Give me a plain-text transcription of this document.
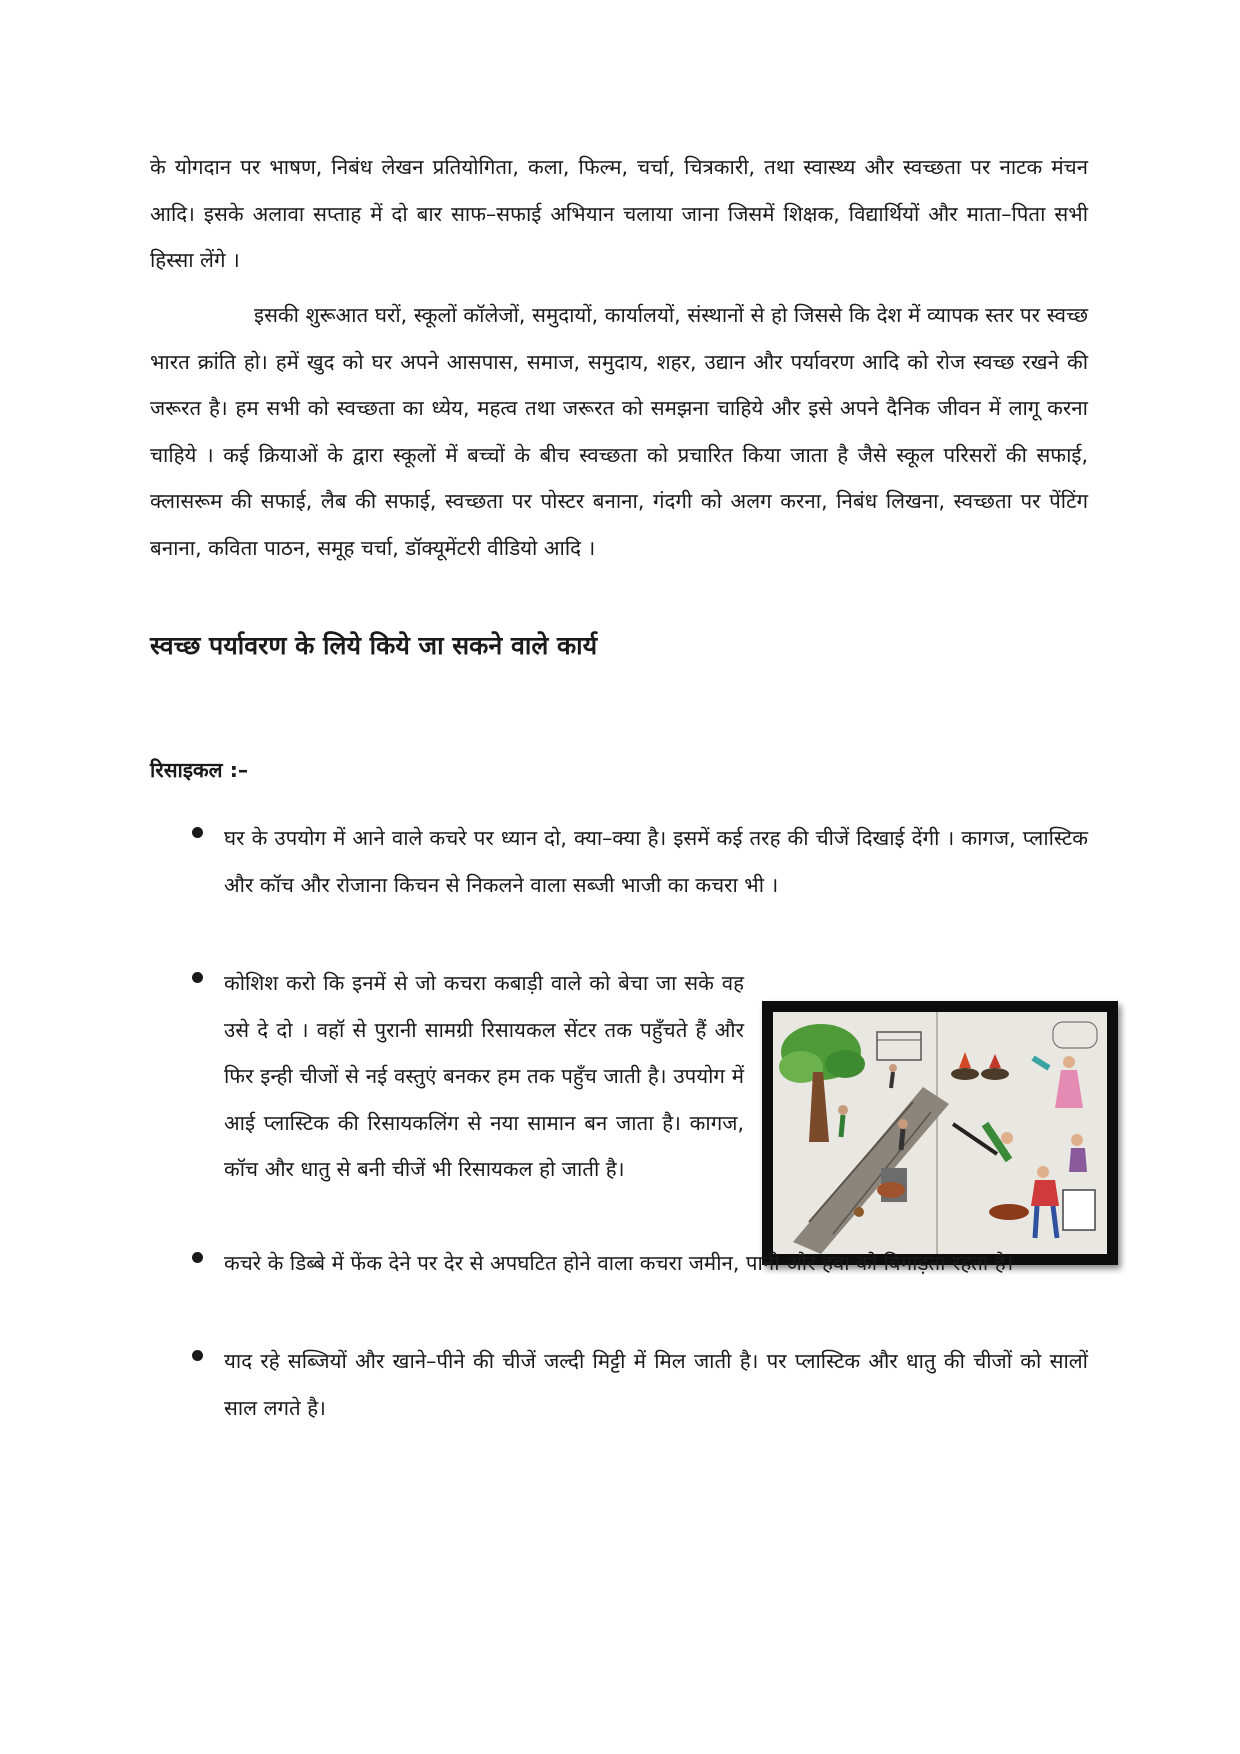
के योगदान पर भाषण, निबंध लेखन प्रतियोगिता, कला, फिल्म, चर्चा, चित्रकारी, तथा स्वास्थ्य और स्वच्छता पर नाटक मंचन आदि। इसके अलावा सप्ताह में दो बार साफ–सफाई अभियान चलाया जाना जिसमें शिक्षक, विद्यार्थियों और माता–पिता सभी हिस्सा लेंगे ।

इसकी शुरूआत घरों, स्कूलों कॉलेजों, समुदायों, कार्यालयों, संस्थानों से हो जिससे कि देश में व्यापक स्तर पर स्वच्छ भारत क्रांति हो। हमें खुद को घर अपने आसपास, समाज, समुदाय, शहर, उद्यान और पर्यावरण आदि को रोज स्वच्छ रखने की जरूरत है। हम सभी को स्वच्छता का ध्येय, महत्व तथा जरूरत को समझना चाहिये और इसे अपने दैनिक जीवन में लागू करना चाहिये । कई क्रियाओं के द्वारा स्कूलों में बच्चों के बीच स्वच्छता को प्रचारित किया जाता है जैसे स्कूल परिसरों की सफाई, क्लासरूम की सफाई, लैब की सफाई, स्वच्छता पर पोस्टर बनाना, गंदगी को अलग करना, निबंध लिखना, स्वच्छता पर पेंटिंग बनाना, कविता पाठन, समूह चर्चा, डॉक्यूमेंटरी वीडियो आदि ।

स्वच्छ पर्यावरण के लिये किये जा सकने वाले कार्य
रिसाइकल :–

घर के उपयोग में आने वाले कचरे पर ध्यान दो, क्या–क्या है। इसमें कई तरह की चीजें दिखाई देंगी । कागज, प्लास्टिक और कॉच और रोजाना किचन से निकलने वाला सब्जी भाजी का कचरा भी ।

कोशिश करो कि इनमें से जो कचरा कबाड़ी वाले को बेचा जा सके वह उसे दे दो । वहॉ से पुरानी सामग्री रिसायकल सेंटर तक पहुँचते हैं और फिर इन्ही चीजों से नई वस्तुएं बनकर हम तक पहुँच जाती है। उपयोग में आई प्लास्टिक की रिसायकलिंग से नया सामान बन जाता है। कागज, कॉच और धातु से बनी चीजें भी रिसायकल हो जाती है।

कचरे के डिब्बे में फेंक देने पर देर से अपघटित होने वाला कचरा जमीन, पानी और हवा को बिगाड़ता रहता है।

याद रहे सब्जियों और खाने–पीने की चीजें जल्दी मिट्टी में मिल जाती है। पर प्लास्टिक और धातु की चीजों को सालों साल लगते है।
